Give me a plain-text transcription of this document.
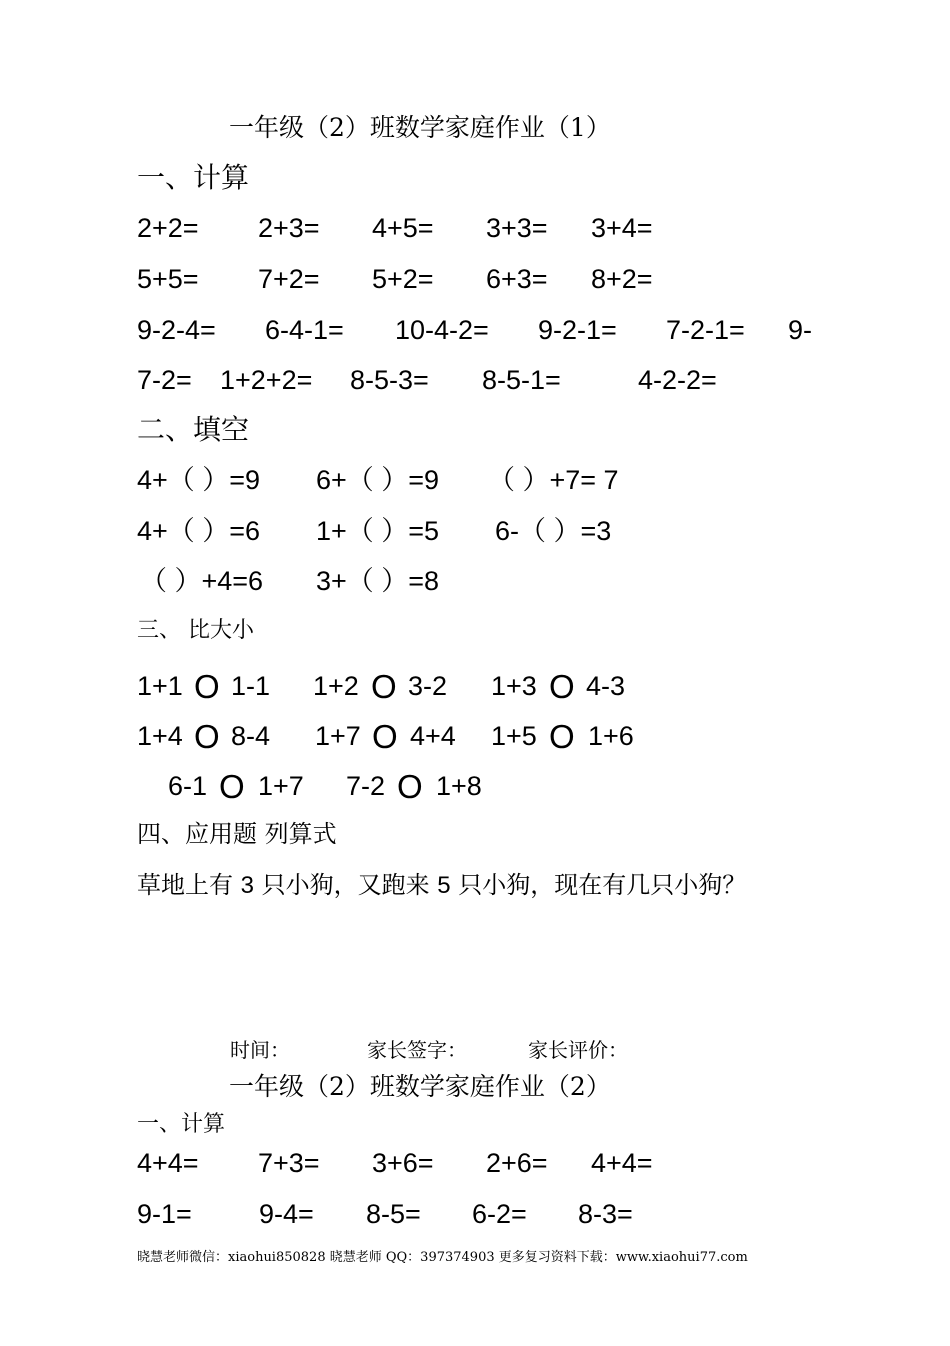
一年级（2）班数学家庭作业（1）
一、计算
2+2= 2+3= 4+5= 3+3= 3+4=
5+5= 7+2= 5+2= 6+3= 8+2=
9-2-4= 6-4-1= 10-4-2= 9-2-1= 7-2-1= 9-
7-2= 1+2+2= 8-5-3= 8-5-1=	4-2-2=
二、填空
4+（ ）=9 6+（ ）=9 （ ）+7= 7
4+（ ）=6 1+（ ）=5 6-（ ）=3
（ ）+4=6 3+（ ）=8
三、 比大小
1+1 O 1-1 1+2 O 3-2 1+3 O 4-3
1+4 O 8-4 1+7 O 4+4 1+5 O 1+6
6-1 O 1+7 7-2 O 1+8
四、应用题 列算式
草地上有 3 只小狗，又跑来 5 只小狗，现在有几只小狗？
时间：	家长签字：	家长评价：
一年级（2）班数学家庭作业（2）
一、计算
4+4= 7+3= 3+6= 2+6= 4+4=
9-1= 9-4= 8-5= 6-2= 8-3=
晓慧老师微信：xiaohui850828 晓慧老师 QQ：397374903 更多复习资料下载：www.xiaohui77.com
